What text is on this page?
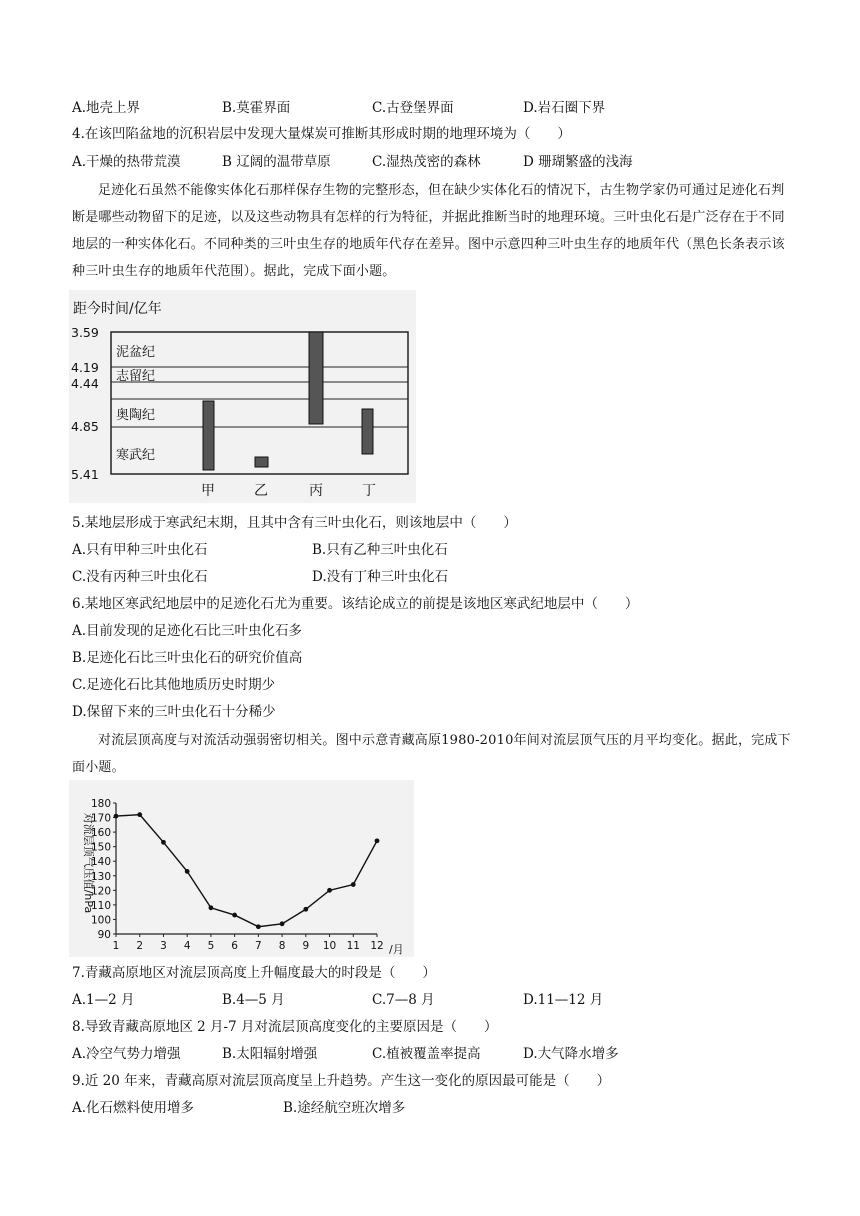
A.地壳上界	B.莫霍界面	C.古登堡界面	D.岩石圈下界
4.在该凹陷盆地的沉积岩层中发现大量煤炭可推断其形成时期的地理环境为（　　）
A.干燥的热带荒漠	B 辽阔的温带草原	C.湿热茂密的森林	D 珊瑚繁盛的浅海
足迹化石虽然不能像实体化石那样保存生物的完整形态，但在缺少实体化石的情况下，古生物学家仍可通过足迹化石判断是哪些动物留下的足迹，以及这些动物具有怎样的行为特征，并据此推断当时的地理环境。三叶虫化石是广泛存在于不同地层的一种实体化石。不同种类的三叶虫生存的地质年代存在差异。图中示意四种三叶虫生存的地质年代（黑色长条表示该种三叶虫生存的地质年代范围）。据此，完成下面小题。
距今时间/亿年
3.59
4.19
4.44
4.85
5.41
泥盆纪
志留纪
奥陶纪
寒武纪
甲	乙	丙	丁
5.某地层形成于寒武纪末期，且其中含有三叶虫化石，则该地层中（　　）
A.只有甲种三叶虫化石	B.只有乙种三叶虫化石
C.没有丙种三叶虫化石	D.没有丁种三叶虫化石
6.某地区寒武纪地层中的足迹化石尤为重要。该结论成立的前提是该地区寒武纪地层中（　　）
A.目前发现的足迹化石比三叶虫化石多
B.足迹化石比三叶虫化石的研究价值高
C.足迹化石比其他地质历史时期少
D.保留下来的三叶虫化石十分稀少
对流层顶高度与对流活动强弱密切相关。图中示意青藏高原1980-2010年间对流层顶气压的月平均变化。据此，完成下面小题。
对流层顶气压值/hPa
90
100
110
120
130
140
150
160
170
180
1 2 3 4 5 6 7 8 9 10 11 12 /月
7.青藏高原地区对流层顶高度上升幅度最大的时段是（　　）
A.1—2 月	B.4—5 月	C.7—8 月	D.11—12 月
8.导致青藏高原地区 2 月-7 月对流层顶高度变化的主要原因是（　　）
A.冷空气势力增强	B.太阳辐射增强	C.植被覆盖率提高	D.大气降水增多
9.近 20 年来，青藏高原对流层顶高度呈上升趋势。产生这一变化的原因最可能是（　　）
A.化石燃料使用增多	B.途经航空班次增多
